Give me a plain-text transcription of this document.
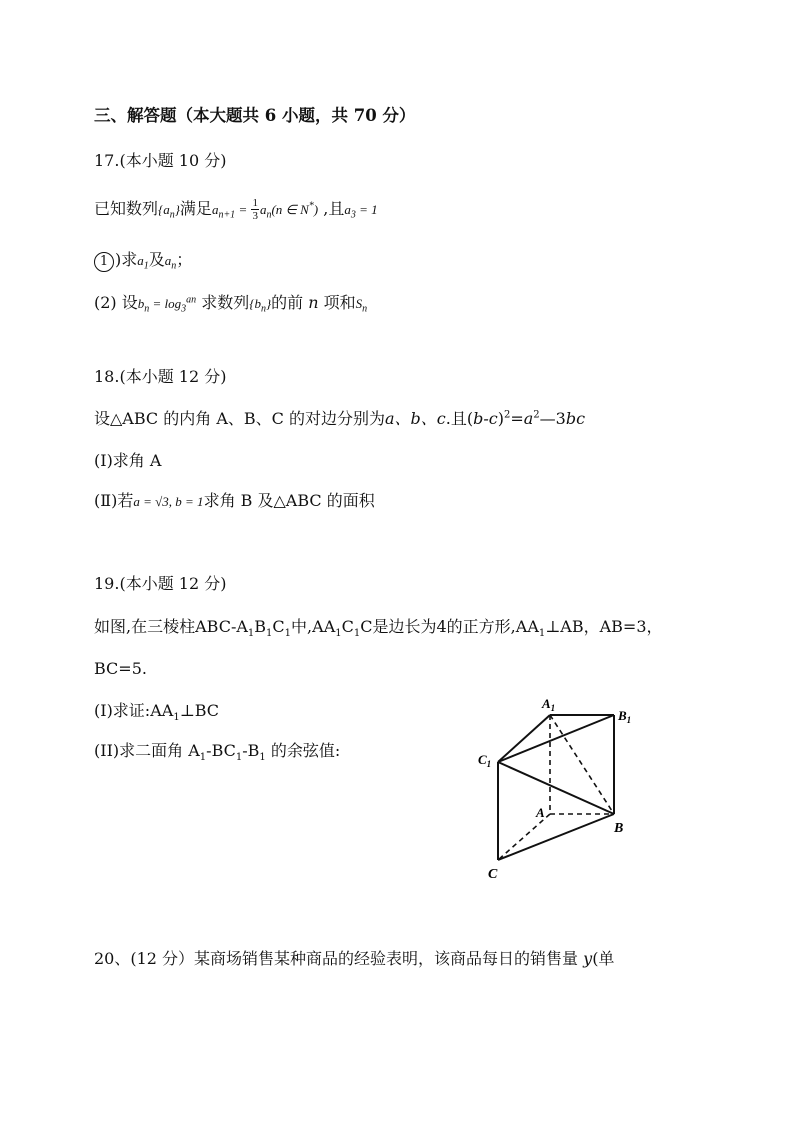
三、解答题（本大题共 6 小题，共 70 分）
17.(本小题 10 分)
已知数列$\{a_n\}$满足$a_{n+1} = \frac{1}{3} a_n(n$ ∈ N*) ,且$a_3 = 1$
1 )求$a_1$及$a_n$；
(2) 设$b_n = \log_3^{an}$ 求数列$\{b_n\}$的前 n 项和$S_n$
18.(本小题 12 分)
设△ABC 的内角 A、B、C 的对边分别为a、b、c.且$(b-c)^2=a^2—3bc$
(I)求角 A
(Ⅱ)若a = √3, b = 1求角 B 及△ABC 的面积
19.(本小题 12 分)
如图,在三棱柱ABC-$A_1B_1C_1$中$,AA_1C_1C$是边长为4的正方形$,AA_1\perp AB$，AB=3，
BC=5.
(I)求证$:AA_1\perp BC$
(II)求二面角 $A_1-BC_1-B_1$ 的余弦值:
$A_1$	$B_1$
$C_1$
A
B
C
20、(12 分）某商场销售某种商品的经验表明，该商品每日的销售量 y(单
